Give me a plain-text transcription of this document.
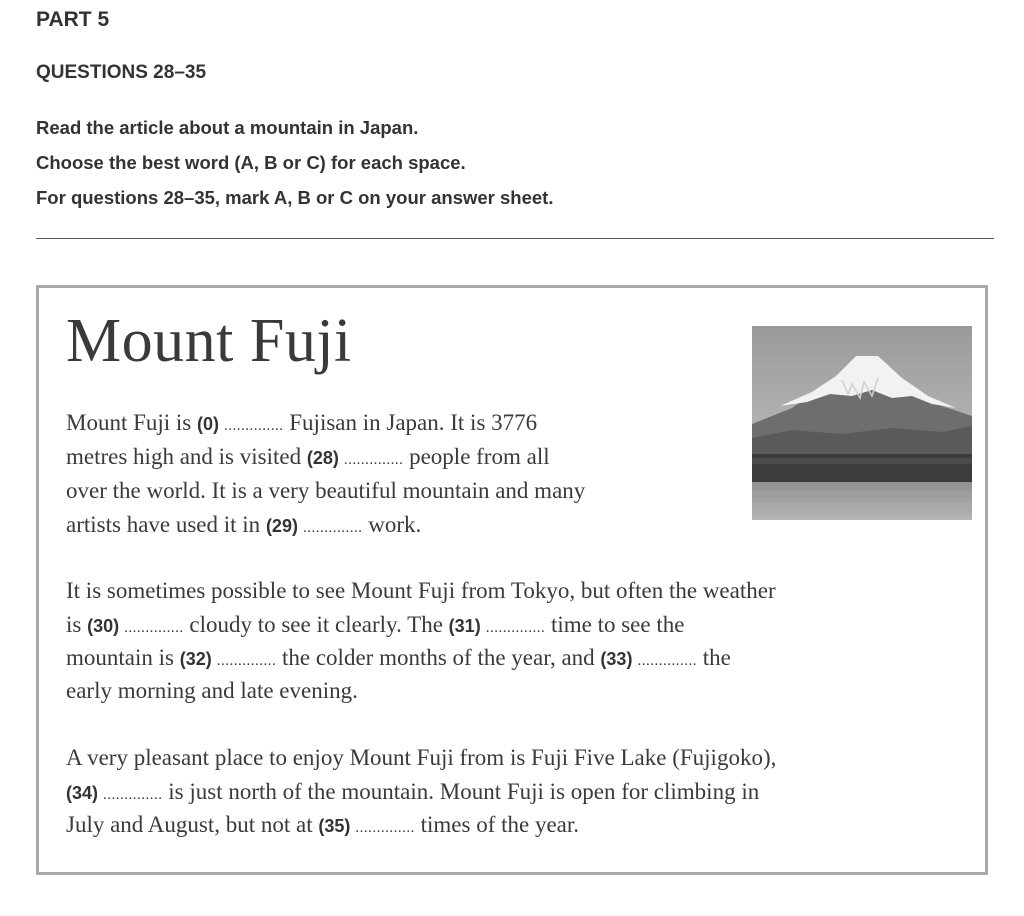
PART 5
QUESTIONS 28–35
Read the article about a mountain in Japan.
Choose the best word (A, B or C) for each space.
For questions 28–35, mark A, B or C on your answer sheet.
Mount Fuji
Mount Fuji is (0) .............. Fujisan in Japan. It is 3776
metres high and is visited (28) .............. people from all
over the world. It is a very beautiful mountain and many
artists have used it in (29) .............. work.
It is sometimes possible to see Mount Fuji from Tokyo, but often the weather
is (30) .............. cloudy to see it clearly. The (31) .............. time to see the
mountain is (32) .............. the colder months of the year, and (33) .............. the
early morning and late evening.
A very pleasant place to enjoy Mount Fuji from is Fuji Five Lake (Fujigoko),
(34) .............. is just north of the mountain. Mount Fuji is open for climbing in
July and August, but not at (35) .............. times of the year.
